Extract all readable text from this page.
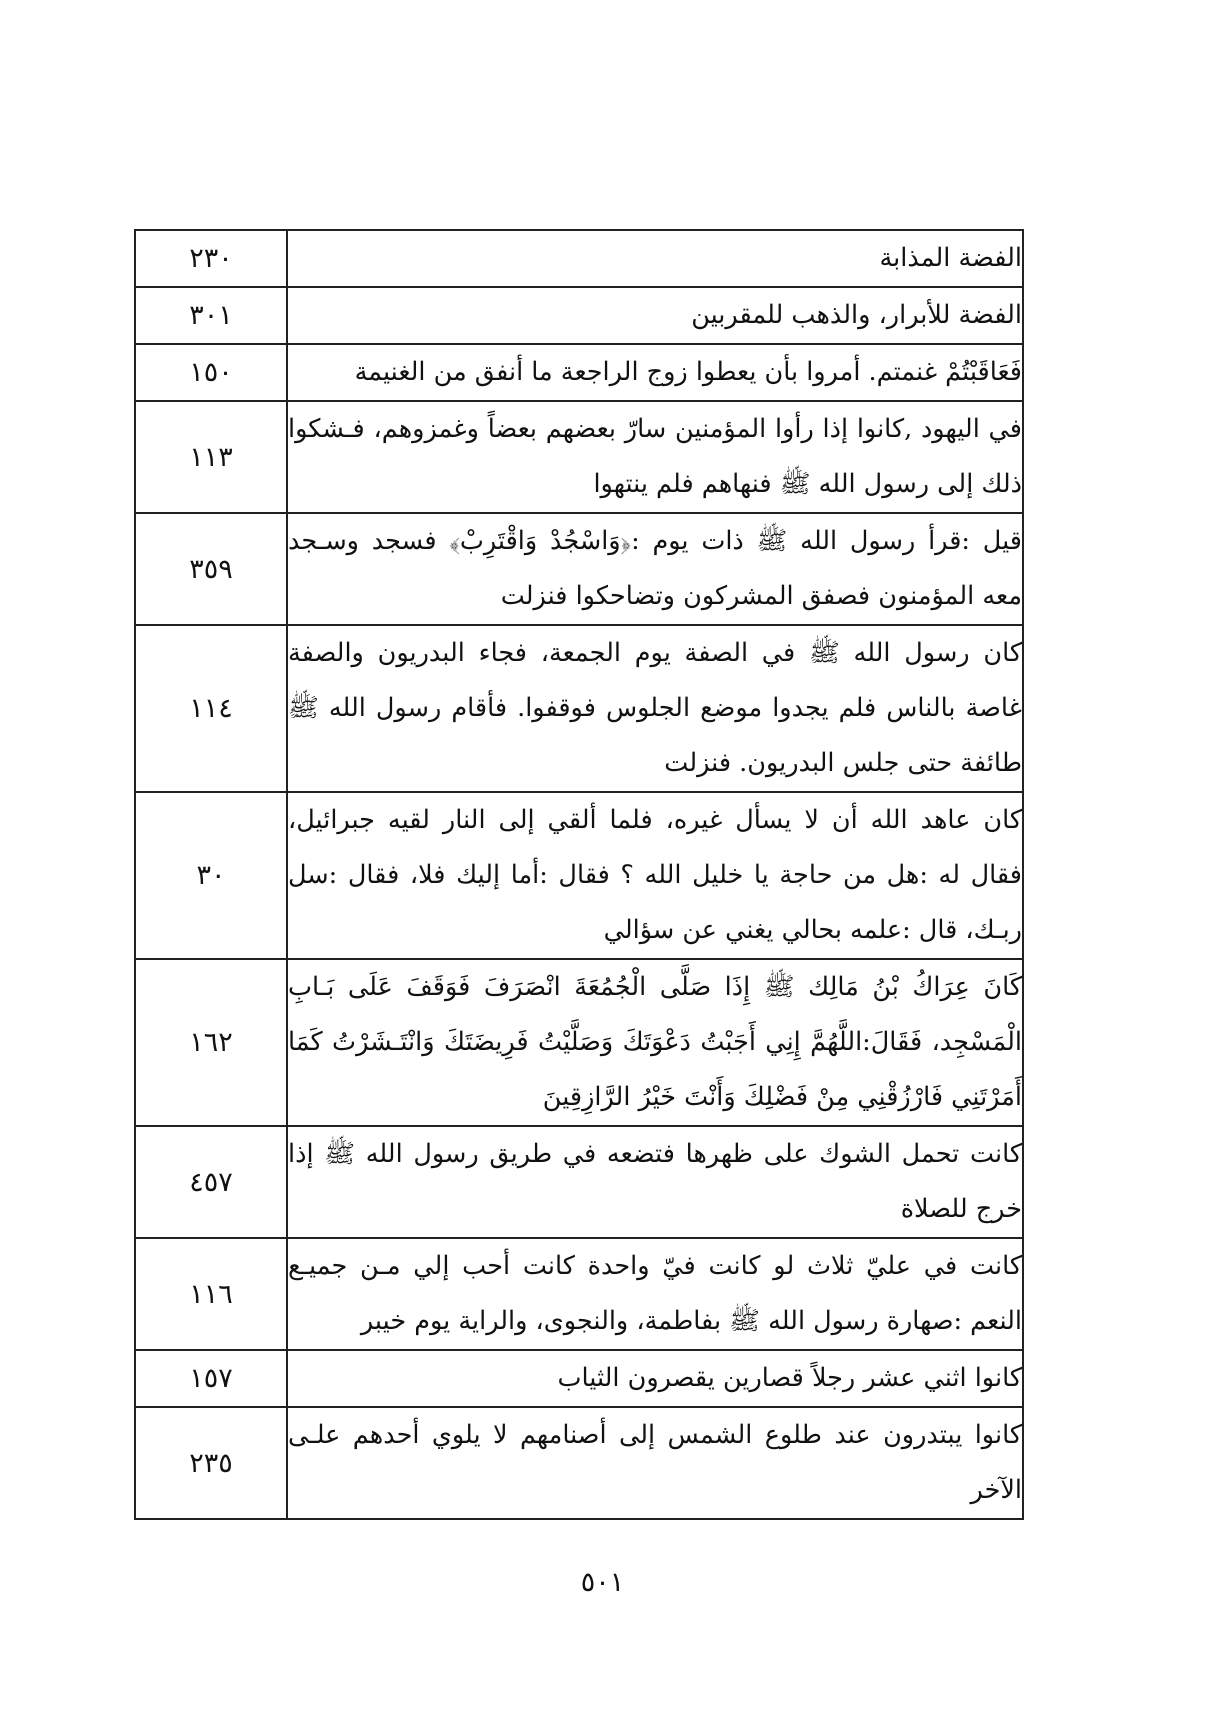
٢٣٠	الفضة المذابة
٣٠١	الفضة للأبرار، والذهب للمقربين
١٥٠	فَعَاقَبْتُمْ غنمتم. أمروا بأن يعطوا زوج الراجعة ما أنفق من الغنيمة
١١٣	في اليهود ,كانوا إذا رأوا المؤمنين سارّ بعضهم بعضاً وغمزوهم، فـشكوا ذلك إلى رسول الله ﷺ فنهاهم فلم ينتهوا
٣٥٩	قيل :قرأ رسول الله ﷺ ذات يوم :﴿وَاسْجُدْ وَاقْتَرِبْ﴾ فسجد وسـجد معه المؤمنون فصفق المشركون وتضاحكوا فنزلت
١١٤	كان رسول الله ﷺ في الصفة يوم الجمعة، فجاء البدريون والصفة غاصة بالناس فلم يجدوا موضع الجلوس فوقفوا. فأقام رسول الله ﷺ طائفة حتى جلس البدريون. فنزلت
٣٠	كان عاهد الله أن لا يسأل غيره، فلما ألقي إلى النار لقيه جبرائيل، فقال له :هل من حاجة يا خليل الله ؟ فقال :أما إليك فلا، فقال :سل ربـك، قال :علمه بحالي يغني عن سؤالي
١٦٢	كَانَ عِرَاكُ بْنُ مَالِك ﷺ إِذَا صَلَّى الْجُمُعَةَ انْصَرَفَ فَوَقَفَ عَلَى بَـابِ الْمَسْجِد، فَقَالَ:اللَّهُمَّ إِنِي أَجَبْتُ دَعْوَتَكَ وَصَلَّيْتُ فَرِيضَتَكَ وَانْتَـشَرْتُ كَمَا أَمَرْتَنِي فَارْزُقْنِي مِنْ فَضْلِكَ وَأَنْتَ خَيْرُ الرَّازِقِينَ
٤٥٧	كانت تحمل الشوك على ظهرها فتضعه في طريق رسول الله ﷺ إذا خرج للصلاة
١١٦	كانت في عليّ ثلاث لو كانت فيّ واحدة كانت أحب إلي مـن جميـع النعم :صهارة رسول الله ﷺ بفاطمة، والنجوى، والراية يوم خيبر
١٥٧	كانوا اثني عشر رجلاً قصارين يقصرون الثياب
٢٣٥	كانوا يبتدرون عند طلوع الشمس إلى أصنامهم لا يلوي أحدهم علـى الآخر
٥٠١
